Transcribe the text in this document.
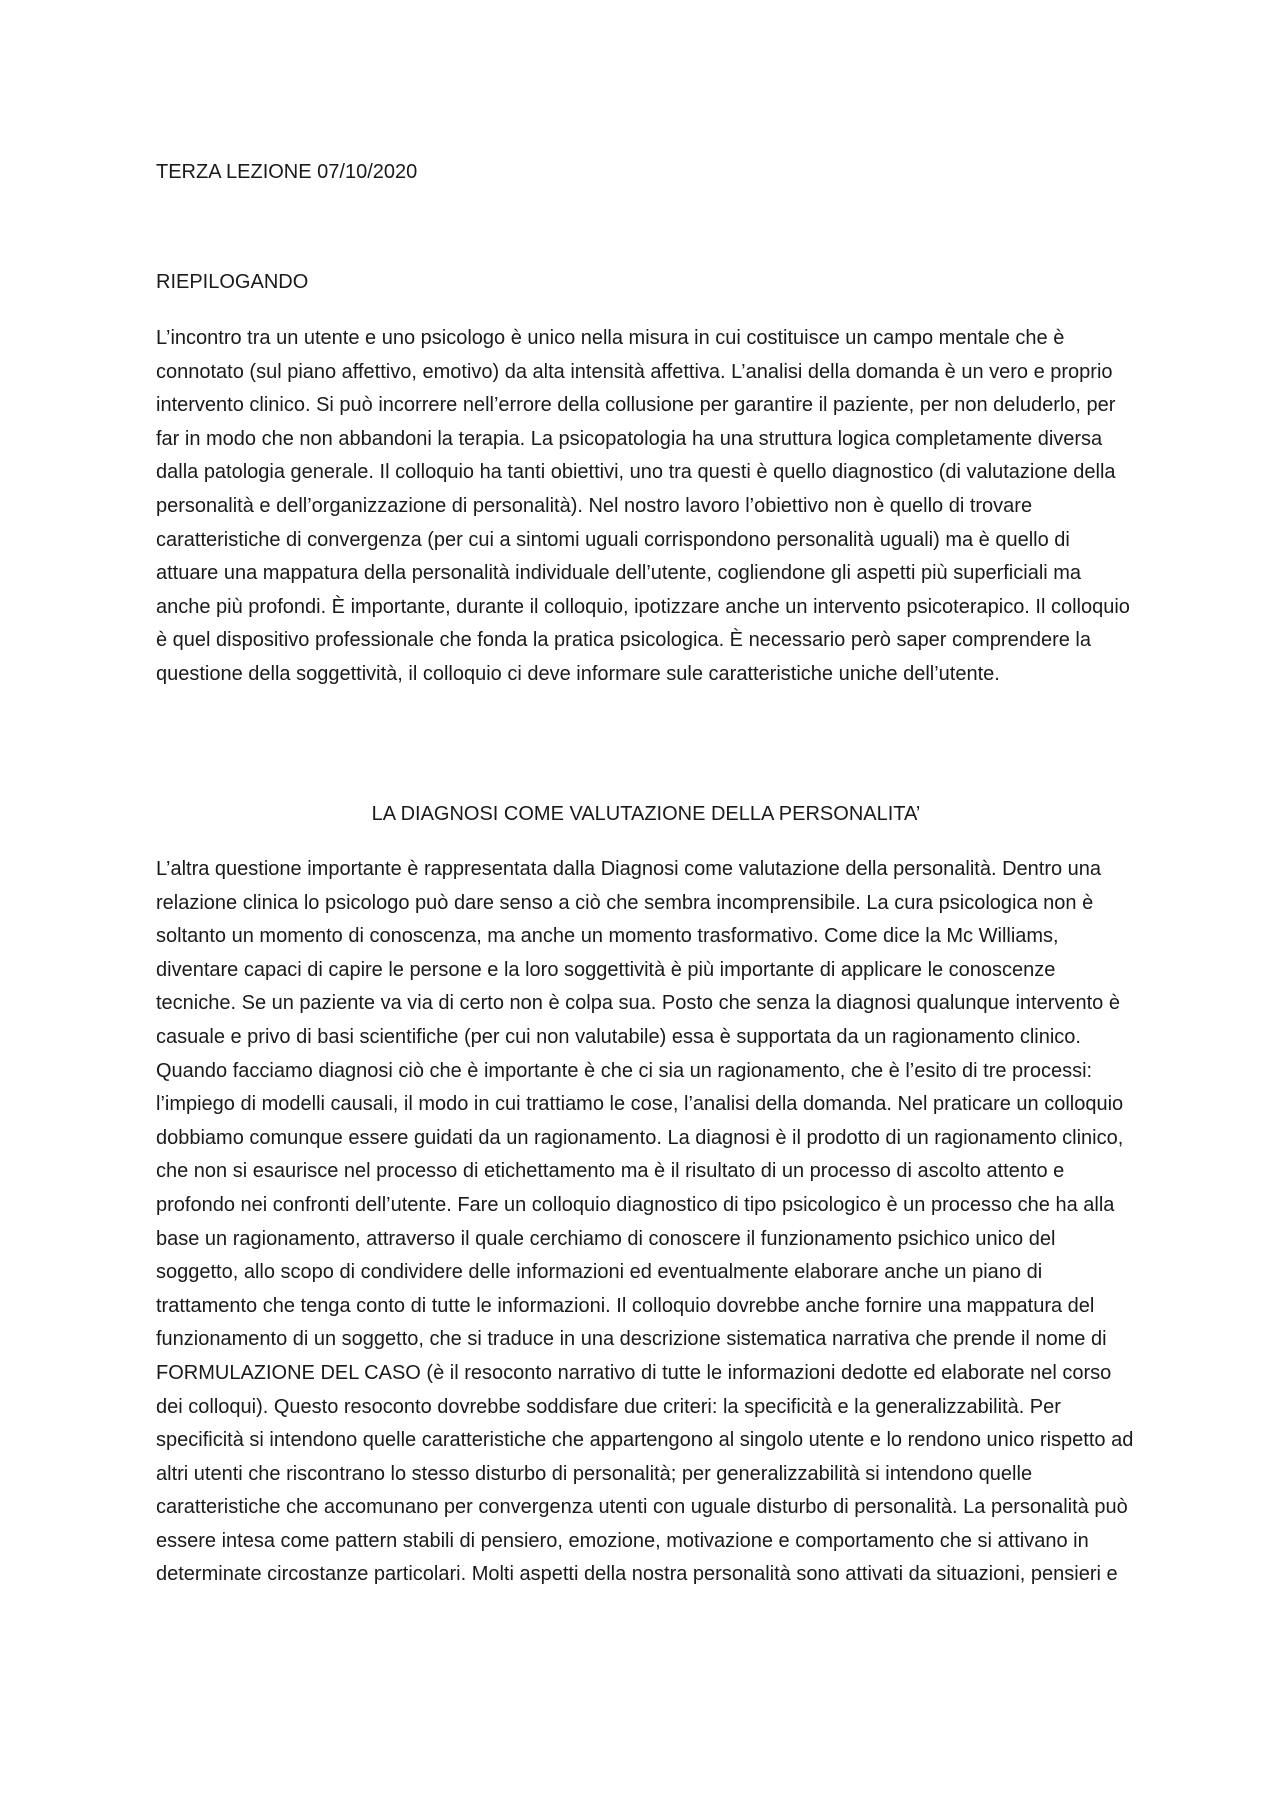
TERZA LEZIONE 07/10/2020
RIEPILOGANDO

L’incontro tra un utente e uno psicologo è unico nella misura in cui costituisce un campo mentale che è connotato (sul piano affettivo, emotivo) da alta intensità affettiva. L’analisi della domanda è un vero e proprio intervento clinico. Si può incorrere nell’errore della collusione per garantire il paziente, per non deluderlo, per far in modo che non abbandoni la terapia. La psicopatologia ha una struttura logica completamente diversa dalla patologia generale. Il colloquio ha tanti obiettivi, uno tra questi è quello diagnostico (di valutazione della personalità e dell’organizzazione di personalità). Nel nostro lavoro l’obiettivo non è quello di trovare caratteristiche di convergenza (per cui a sintomi uguali corrispondono personalità uguali) ma è quello di attuare una mappatura della personalità individuale dell’utente, cogliendone gli aspetti più superficiali ma anche più profondi. È importante, durante il colloquio, ipotizzare anche un intervento psicoterapico. Il colloquio è quel dispositivo professionale che fonda la pratica psicologica. È necessario però saper comprendere la questione della soggettività, il colloquio ci deve informare sule caratteristiche uniche dell’utente.

LA DIAGNOSI COME VALUTAZIONE DELLA PERSONALITA’

L’altra questione importante è rappresentata dalla Diagnosi come valutazione della personalità. Dentro una relazione clinica lo psicologo può dare senso a ciò che sembra incomprensibile. La cura psicologica non è soltanto un momento di conoscenza, ma anche un momento trasformativo. Come dice la Mc Williams, diventare capaci di capire le persone e la loro soggettività è più importante di applicare le conoscenze tecniche. Se un paziente va via di certo non è colpa sua. Posto che senza la diagnosi qualunque intervento è casuale e privo di basi scientifiche (per cui non valutabile) essa è supportata da un ragionamento clinico. Quando facciamo diagnosi ciò che è importante è che ci sia un ragionamento, che è l’esito di tre processi: l’impiego di modelli causali, il modo in cui trattiamo le cose, l’analisi della domanda. Nel praticare un colloquio dobbiamo comunque essere guidati da un ragionamento. La diagnosi è il prodotto di un ragionamento clinico, che non si esaurisce nel processo di etichettamento ma è il risultato di un processo di ascolto attento e profondo nei confronti dell’utente. Fare un colloquio diagnostico di tipo psicologico è un processo che ha alla base un ragionamento, attraverso il quale cerchiamo di conoscere il funzionamento psichico unico del soggetto, allo scopo di condividere delle informazioni ed eventualmente elaborare anche un piano di trattamento che tenga conto di tutte le informazioni. Il colloquio dovrebbe anche fornire una mappatura del funzionamento di un soggetto, che si traduce in una descrizione sistematica narrativa che prende il nome di FORMULAZIONE DEL CASO (è il resoconto narrativo di tutte le informazioni dedotte ed elaborate nel corso dei colloqui). Questo resoconto dovrebbe soddisfare due criteri: la specificità e la generalizzabilità. Per specificità si intendono quelle caratteristiche che appartengono al singolo utente e lo rendono unico rispetto ad altri utenti che riscontrano lo stesso disturbo di personalità; per generalizzabilità si intendono quelle caratteristiche che accomunano per convergenza utenti con uguale disturbo di personalità. La personalità può essere intesa come pattern stabili di pensiero, emozione, motivazione e comportamento che si attivano in determinate circostanze particolari. Molti aspetti della nostra personalità sono attivati da situazioni, pensieri e
